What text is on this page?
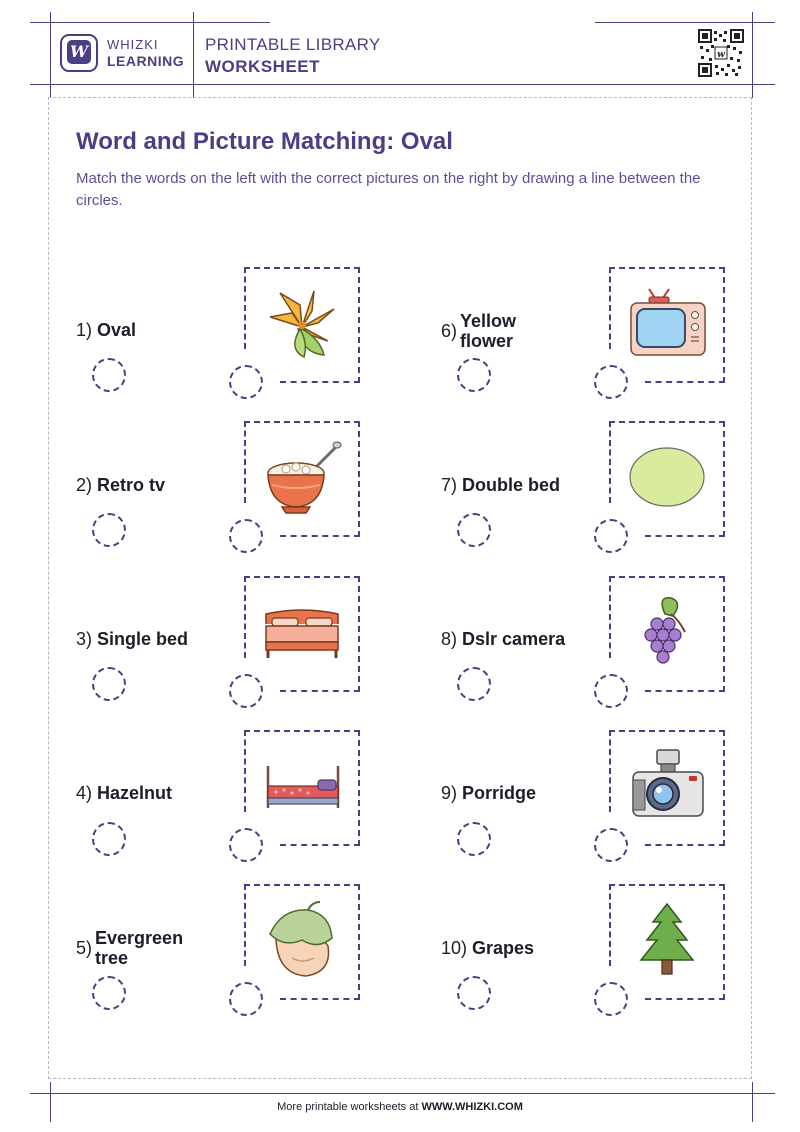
W WHIZKI
LEARNING
PRINTABLE LIBRARY
WORKSHEET
w
Word and Picture Matching: Oval
Match the words on the left with the correct pictures on the right by drawing a line between the circles.
1) Oval
2) Retro tv
3) Single bed
4) Hazelnut
5) Evergreen tree
6) Yellow flower
7) Double bed
8) Dslr camera
9) Porridge
10) Grapes
More printable worksheets at WWW.WHIZKI.COM
